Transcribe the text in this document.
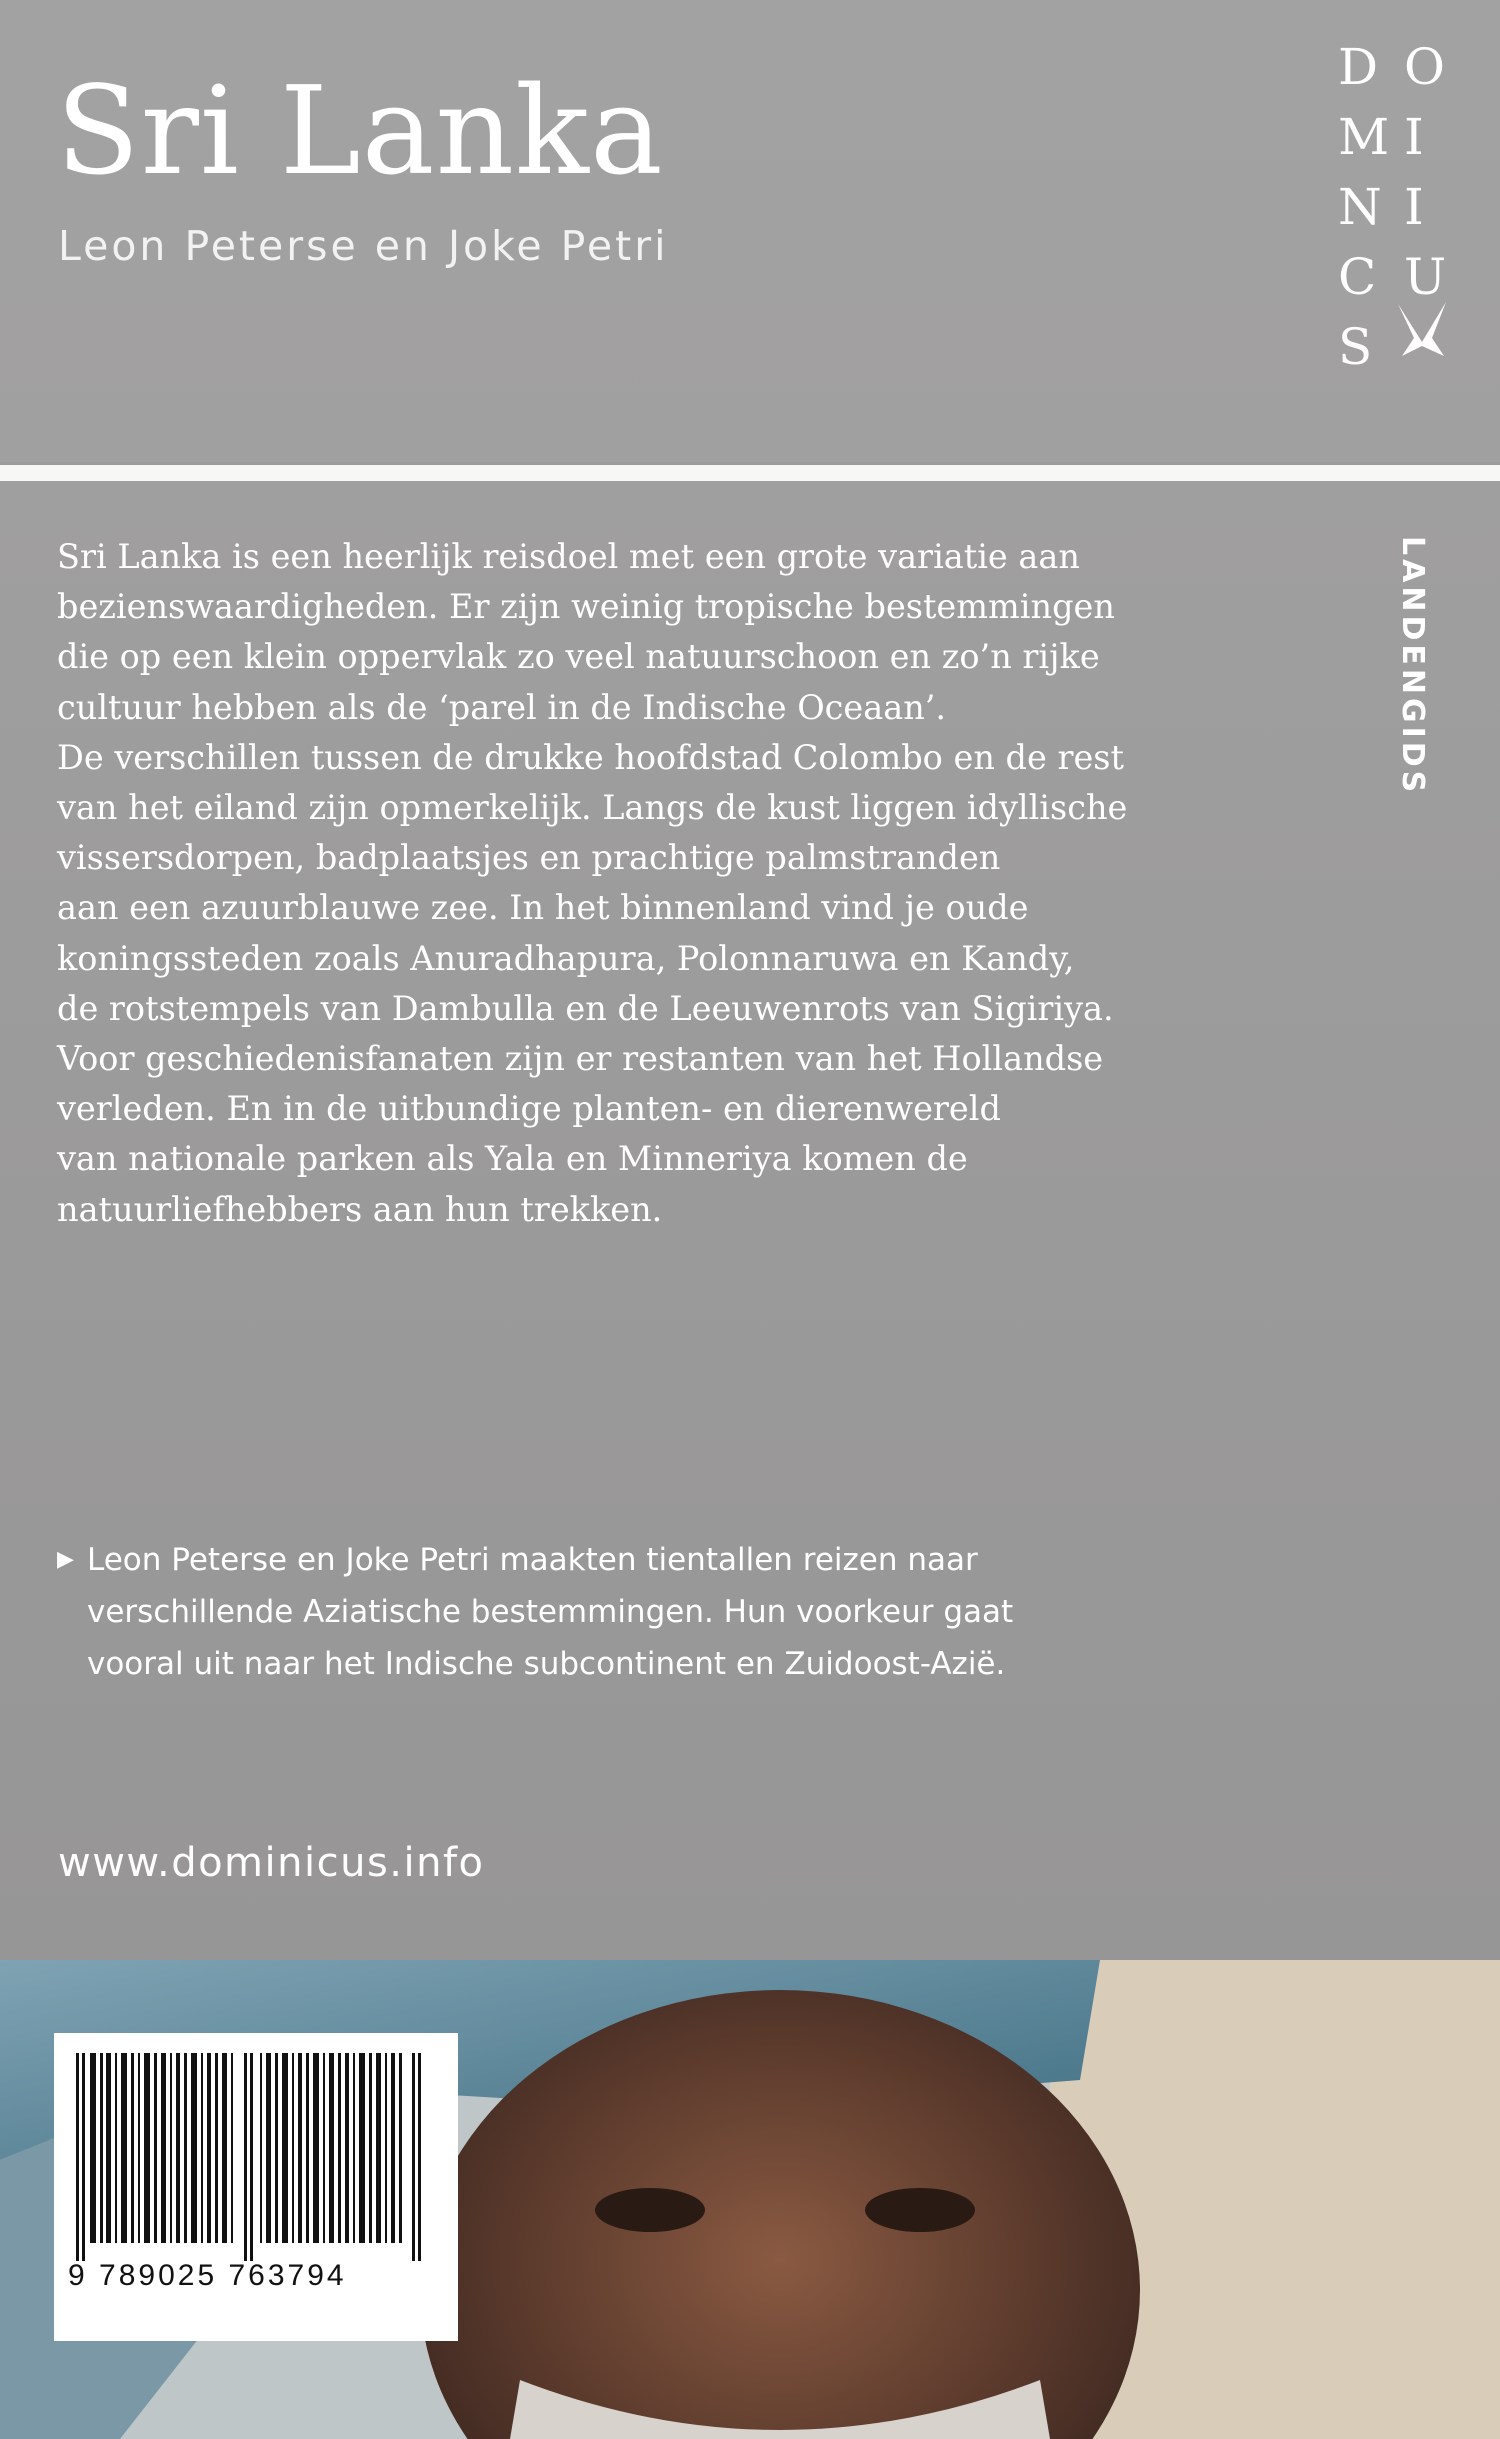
Sri Lanka
Leon Peterse en Joke Petri
D O
M I
N I
C U
S
LANDENGIDS
Sri Lanka is een heerlijk reisdoel met een grote variatie aan
bezienswaardigheden. Er zijn weinig tropische bestemmingen
die op een klein oppervlak zo veel natuurschoon en zo’n rijke
cultuur hebben als de ‘parel in de Indische Oceaan’.
De verschillen tussen de drukke hoofdstad Colombo en de rest
van het eiland zijn opmerkelijk. Langs de kust liggen idyllische
vissersdorpen, badplaatsjes en prachtige palmstranden
aan een azuurblauwe zee. In het binnenland vind je oude
koningssteden zoals Anuradhapura, Polonnaruwa en Kandy,
de rotstempels van Dambulla en de Leeuwenrots van Sigiriya.
Voor geschiedenisfanaten zijn er restanten van het Hollandse
verleden. En in de uitbundige planten- en dierenwereld
van nationale parken als Yala en Minneriya komen de
natuurliefhebbers aan hun trekken.
▶ Leon Peterse en Joke Petri maakten tientallen reizen naar
verschillende Aziatische bestemmingen. Hun voorkeur gaat
vooral uit naar het Indische subcontinent en Zuidoost-Azië.
www.dominicus.info
9 789025 763794
